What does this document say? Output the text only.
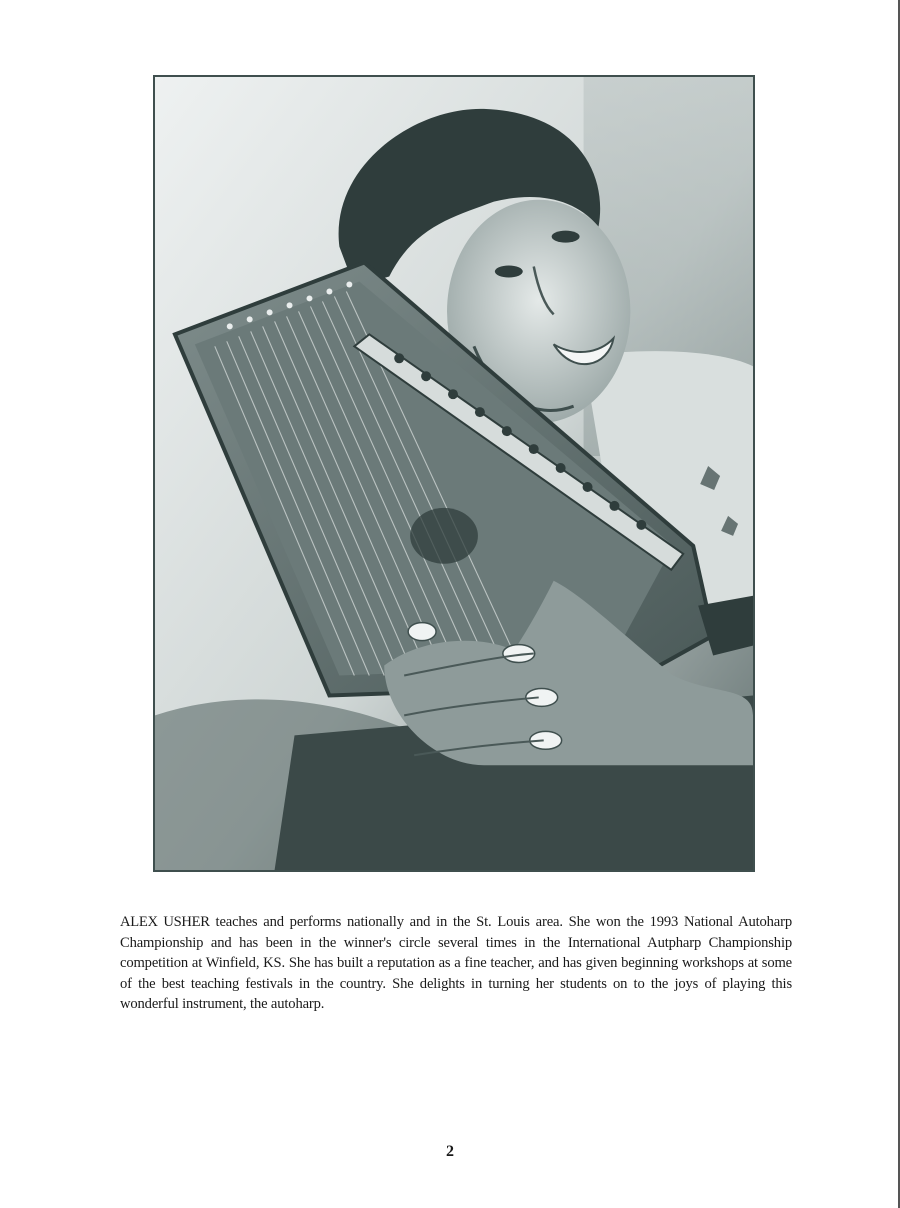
ALEX USHER teaches and performs nationally and in the St. Louis area. She won the 1993 National Autoharp Championship and has been in the winner's circle several times in the International Autpharp Championship competition at Winfield, KS. She has built a reputation as a fine teacher, and has given beginning workshops at some of the best teaching festivals in the country. She delights in turning her students on to the joys of playing this wonderful instrument, the autoharp.

2
